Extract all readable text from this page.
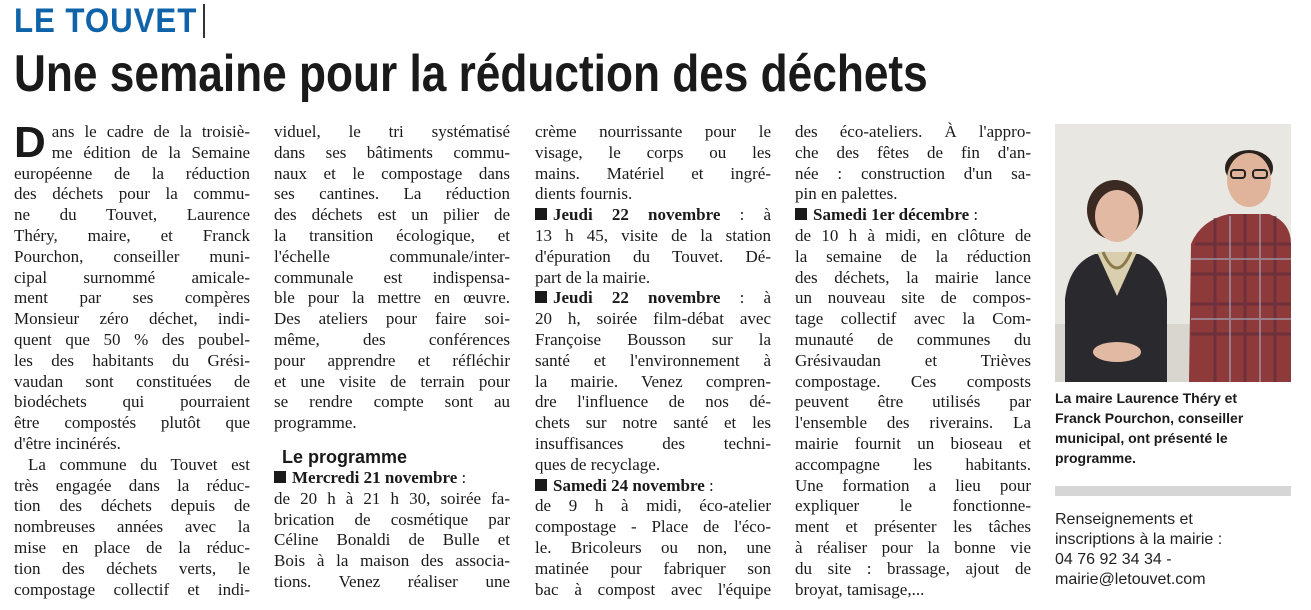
LE TOUVET
Une semaine pour la réduction des déchets
D ans le cadre de la troisiè-
me édition de la Semaine
européenne de la réduction
des déchets pour la commu-
ne du Touvet, Laurence
Théry, maire, et Franck
Pourchon, conseiller muni-
cipal surnommé amicale-
ment par ses compères
Monsieur zéro déchet, indi-
quent que 50 % des poubel-
les des habitants du Grési-
vaudan sont constituées de
biodéchets qui pourraient
être compostés plutôt que
d'être incinérés.
La commune du Touvet est
très engagée dans la réduc-
tion des déchets depuis de
nombreuses années avec la
mise en place de la réduc-
tion des déchets verts, le
compostage collectif et indi-
viduel, le tri systématisé
dans ses bâtiments commu-
naux et le compostage dans
ses cantines. La réduction
des déchets est un pilier de
la transition écologique, et
l'échelle communale/inter-
communale est indispensa-
ble pour la mettre en œuvre.
Des ateliers pour faire soi-
même, des conférences
pour apprendre et réfléchir
et une visite de terrain pour
se rendre compte sont au
programme.
Le programme
Mercredi 21 novembre :
de 20 h à 21 h 30, soirée fa-
brication de cosmétique par
Céline Bonaldi de Bulle et
Bois à la maison des associa-
tions. Venez réaliser une
crème nourrissante pour le
visage, le corps ou les
mains. Matériel et ingré-
dients fournis.
Jeudi 22 novembre : à
13 h 45, visite de la station
d'épuration du Touvet. Dé-
part de la mairie.
Jeudi 22 novembre : à
20 h, soirée film-débat avec
Françoise Bousson sur la
santé et l'environnement à
la mairie. Venez compren-
dre l'influence de nos dé-
chets sur notre santé et les
insuffisances des techni-
ques de recyclage.
Samedi 24 novembre :
de 9 h à midi, éco-atelier
compostage - Place de l'éco-
le. Bricoleurs ou non, une
matinée pour fabriquer son
bac à compost avec l'équipe
des éco-ateliers. À l'appro-
che des fêtes de fin d'an-
née : construction d'un sa-
pin en palettes.
Samedi 1er décembre :
de 10 h à midi, en clôture de
la semaine de la réduction
des déchets, la mairie lance
un nouveau site de compos-
tage collectif avec la Com-
munauté de communes du
Grésivaudan et Trièves
compostage. Ces composts
peuvent être utilisés par
l'ensemble des riverains. La
mairie fournit un bioseau et
accompagne les habitants.
Une formation a lieu pour
expliquer le fonctionne-
ment et présenter les tâches
à réaliser pour la bonne vie
du site : brassage, ajout de
broyat, tamisage,...
La maire Laurence Théry et
Franck Pourchon, conseiller
municipal, ont présenté le
programme.
Renseignements et
inscriptions à la mairie :
04 76 92 34 34 -
mairie@letouvet.com
